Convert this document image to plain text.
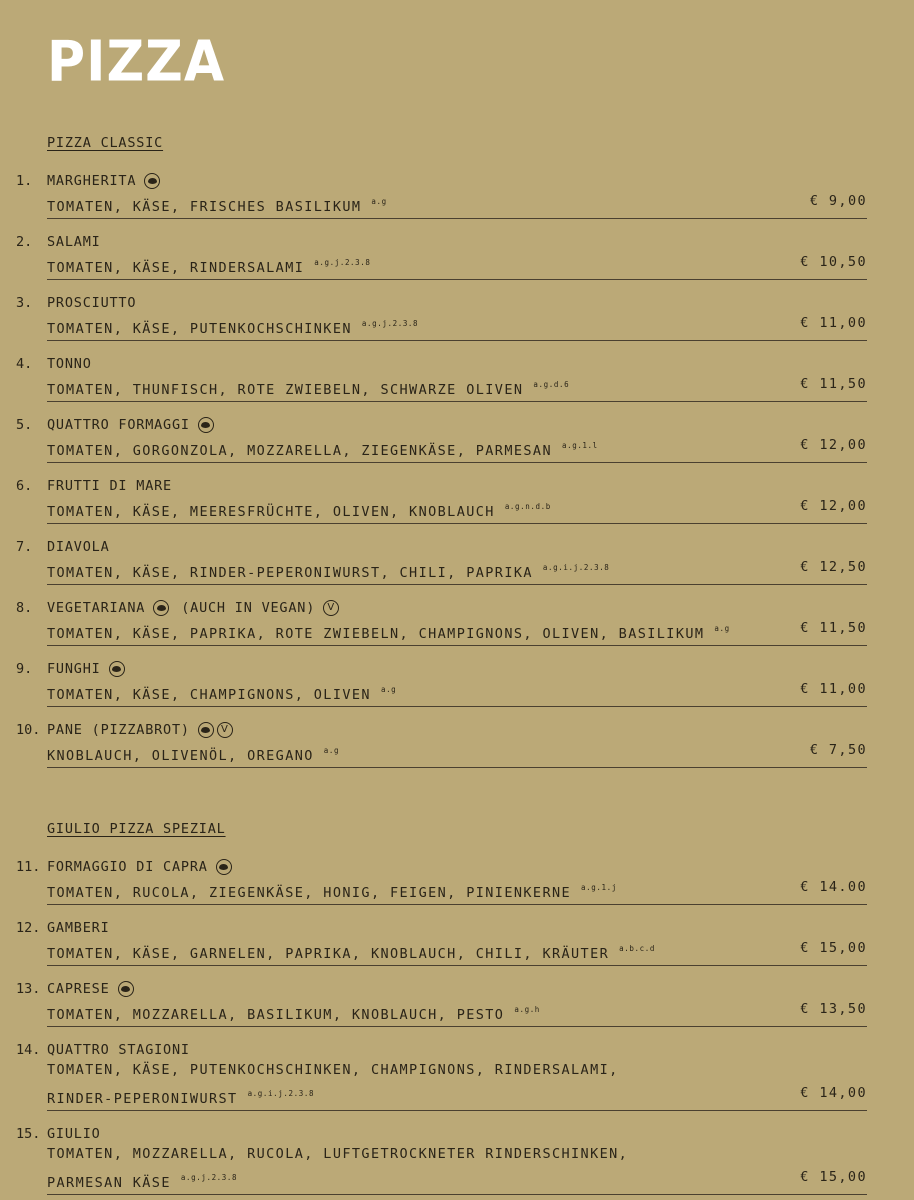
PIZZA
PIZZA CLASSIC
1. MARGHERITA
TOMATEN, KÄSE, FRISCHES BASILIKUM $^{a.g}$	€ 9,00
2. SALAMI
TOMATEN, KÄSE, RINDERSALAMI $^{a.g.j.2.3.8}$	€ 10,50
3. PROSCIUTTO
TOMATEN, KÄSE, PUTENKOCHSCHINKEN $^{a.g.j.2.3.8}$	€ 11,00
4. TONNO
TOMATEN, THUNFISCH, ROTE ZWIEBELN, SCHWARZE OLIVEN $^{a.g.d.6}$	€ 11,50
5. QUATTRO FORMAGGI
TOMATEN, GORGONZOLA, MOZZARELLA, ZIEGENKÄSE, PARMESAN $^{a.g.1.l}$	€ 12,00
6. FRUTTI DI MARE
TOMATEN, KÄSE, MEERESFRÜCHTE, OLIVEN, KNOBLAUCH $^{a.g.n.d.b}$	€ 12,00
7. DIAVOLA
TOMATEN, KÄSE, RINDER-PEPERONIWURST, CHILI, PAPRIKA $^{a.g.i.j.2.3.8}$	€ 12,50
8. VEGETARIANA	(AUCH IN VEGAN)	V
TOMATEN, KÄSE, PAPRIKA, ROTE ZWIEBELN, CHAMPIGNONS, OLIVEN, BASILIKUM $^{a.g}$	€ 11,50
9. FUNGHI
TOMATEN, KÄSE, CHAMPIGNONS, OLIVEN $^{a.g}$	€ 11,00
10. PANE (PIZZABROT)	V
KNOBLAUCH, OLIVENÖL, OREGANO $^{a.g}$	€ 7,50
GIULIO PIZZA SPEZIAL
11. FORMAGGIO DI CAPRA
TOMATEN, RUCOLA, ZIEGENKÄSE, HONIG, FEIGEN, PINIENKERNE $^{a.g.1.j}$	€ 14.00
12. GAMBERI
TOMATEN, KÄSE, GARNELEN, PAPRIKA, KNOBLAUCH, CHILI, KRÄUTER $^{a.b.c.d}$	€ 15,00
13. CAPRESE
TOMATEN, MOZZARELLA, BASILIKUM, KNOBLAUCH, PESTO $^{a.g.h}$	€ 13,50
14. QUATTRO STAGIONI
TOMATEN, KÄSE, PUTENKOCHSCHINKEN, CHAMPIGNONS, RINDERSALAMI,
RINDER-PEPERONIWURST $^{a.g.i.j.2.3.8}$	€ 14,00
15. GIULIO
TOMATEN, MOZZARELLA, RUCOLA, LUFTGETROCKNETER RINDERSCHINKEN,
PARMESAN KÄSE $^{a.g.j.2.3.8}$	€ 15,00
